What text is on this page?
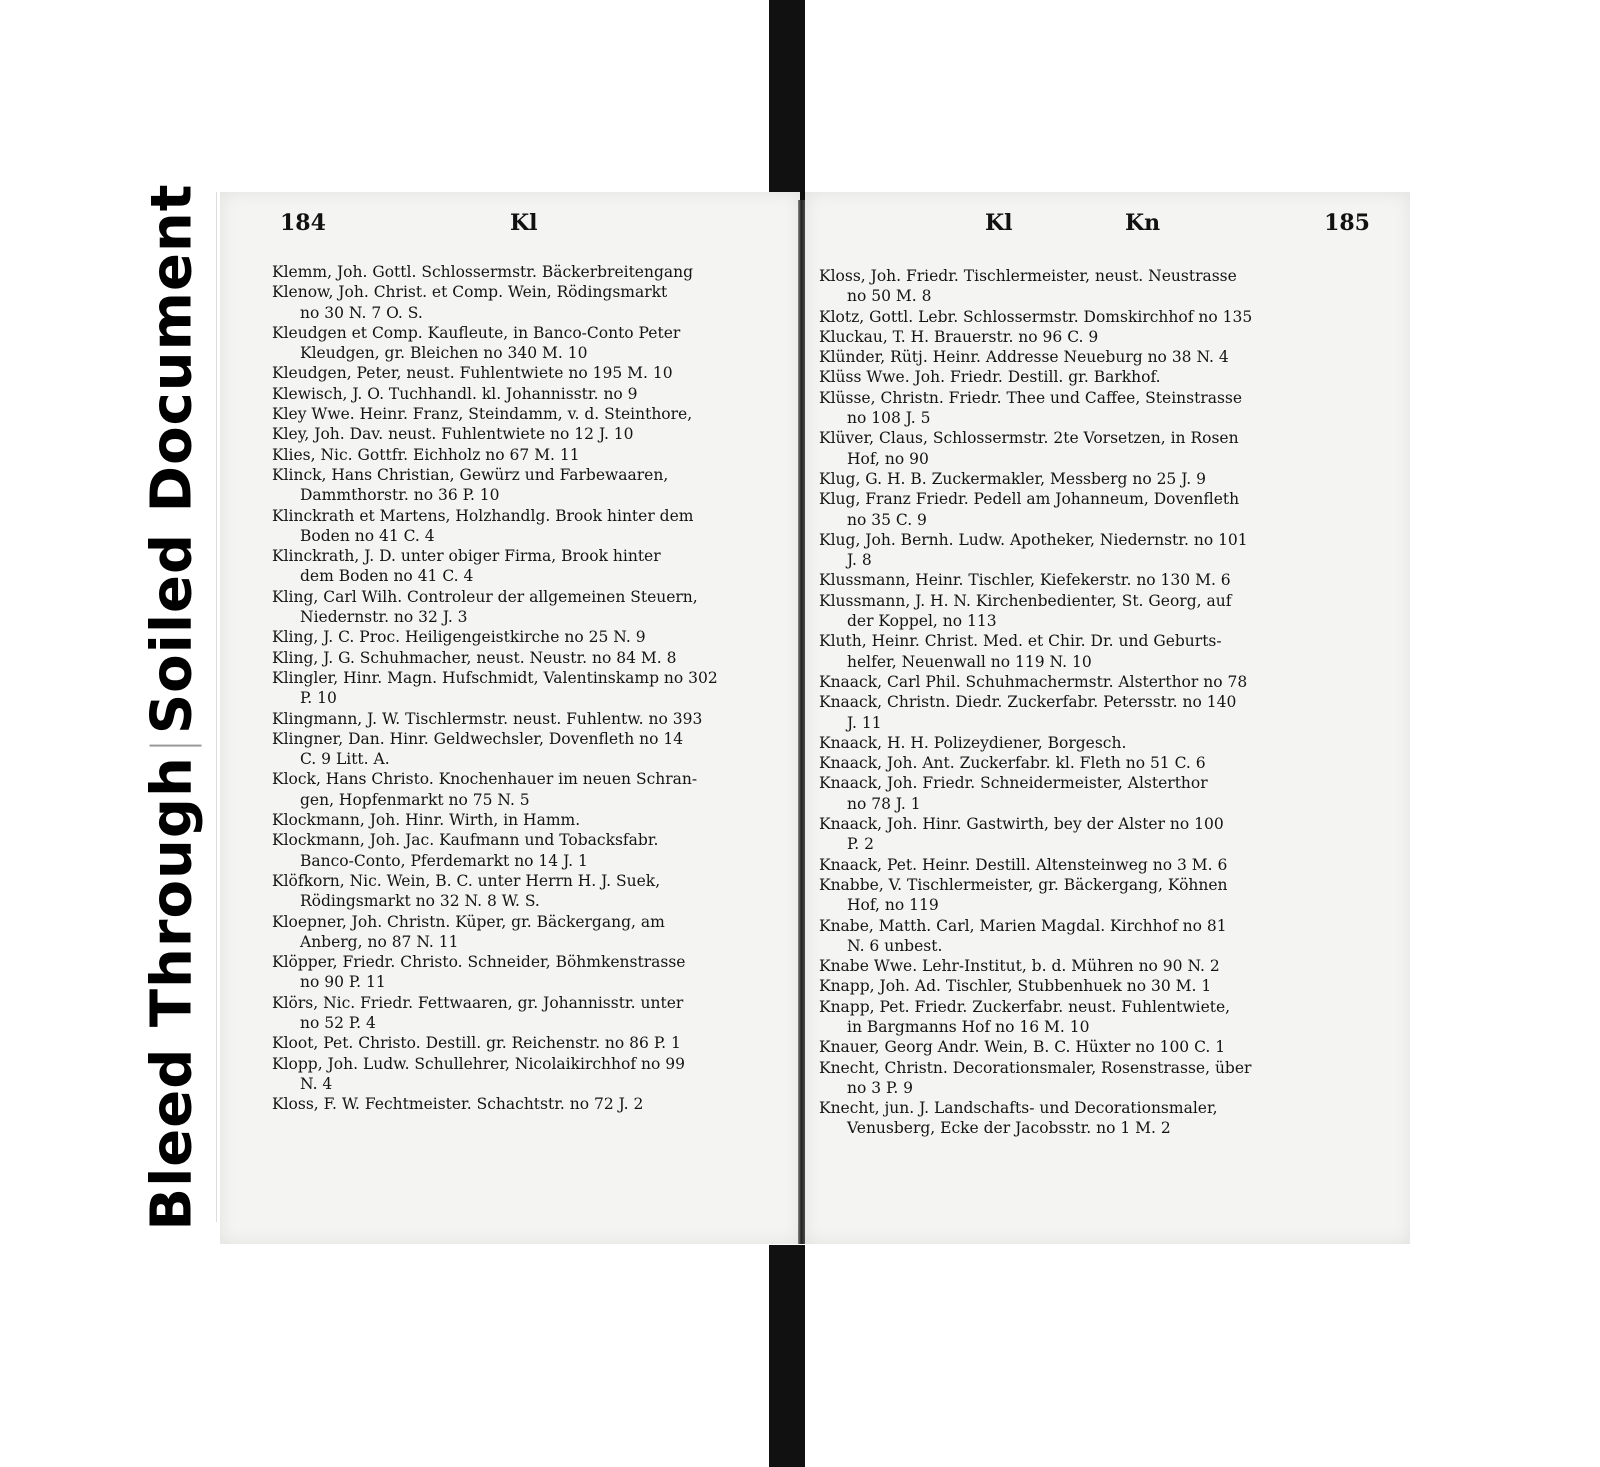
Bleed ThroughSoiled Document	184	Kl
Klemm, Joh. Gottl. Schlossermstr. Bäckerbreitengang
Klenow, Joh. Christ. et Comp. Wein, Rödingsmarkt
no 30 N. 7 O. S.
Kleudgen et Comp. Kaufleute, in Banco-Conto Peter
Kleudgen, gr. Bleichen no 340 M. 10
Kleudgen, Peter, neust. Fuhlentwiete no 195 M. 10
Klewisch, J. O. Tuchhandl. kl. Johannisstr. no 9
Kley Wwe. Heinr. Franz, Steindamm, v. d. Steinthore,
Kley, Joh. Dav. neust. Fuhlentwiete no 12 J. 10
Klies, Nic. Gottfr. Eichholz no 67 M. 11
Klinck, Hans Christian, Gewürz und Farbewaaren,
Dammthorstr. no 36 P. 10
Klinckrath et Martens, Holzhandlg. Brook hinter dem
Boden no 41 C. 4
Klinckrath, J. D. unter obiger Firma, Brook hinter
dem Boden no 41 C. 4
Kling, Carl Wilh. Controleur der allgemeinen Steuern,
Niedernstr. no 32 J. 3
Kling, J. C. Proc. Heiligengeistkirche no 25 N. 9
Kling, J. G. Schuhmacher, neust. Neustr. no 84 M. 8
Klingler, Hinr. Magn. Hufschmidt, Valentinskamp no 302
P. 10
Klingmann, J. W. Tischlermstr. neust. Fuhlentw. no 393
Klingner, Dan. Hinr. Geldwechsler, Dovenfleth no 14
C. 9 Litt. A.
Klock, Hans Christo. Knochenhauer im neuen Schran-
gen, Hopfenmarkt no 75 N. 5
Klockmann, Joh. Hinr. Wirth, in Hamm.
Klockmann, Joh. Jac. Kaufmann und Tobacksfabr.
Banco-Conto, Pferdemarkt no 14 J. 1
Klöfkorn, Nic. Wein, B. C. unter Herrn H. J. Suek,
Rödingsmarkt no 32 N. 8 W. S.
Kloepner, Joh. Christn. Küper, gr. Bäckergang, am
Anberg, no 87 N. 11
Klöpper, Friedr. Christo. Schneider, Böhmkenstrasse
no 90 P. 11
Klörs, Nic. Friedr. Fettwaaren, gr. Johannisstr. unter
no 52 P. 4
Kloot, Pet. Christo. Destill. gr. Reichenstr. no 86 P. 1
Klopp, Joh. Ludw. Schullehrer, Nicolaikirchhof no 99
N. 4
Kloss, F. W. Fechtmeister. Schachtstr. no 72 J. 2
Kl	Kn	185
Kloss, Joh. Friedr. Tischlermeister, neust. Neustrasse
no 50 M. 8
Klotz, Gottl. Lebr. Schlossermstr. Domskirchhof no 135
Kluckau, T. H. Brauerstr. no 96 C. 9
Klünder, Rütj. Heinr. Addresse Neueburg no 38 N. 4
Klüss Wwe. Joh. Friedr. Destill. gr. Barkhof.
Klüsse, Christn. Friedr. Thee und Caffee, Steinstrasse
no 108 J. 5
Klüver, Claus, Schlossermstr. 2te Vorsetzen, in Rosen
Hof, no 90
Klug, G. H. B. Zuckermakler, Messberg no 25 J. 9
Klug, Franz Friedr. Pedell am Johanneum, Dovenfleth
no 35 C. 9
Klug, Joh. Bernh. Ludw. Apotheker, Niedernstr. no 101
J. 8
Klussmann, Heinr. Tischler, Kiefekerstr. no 130 M. 6
Klussmann, J. H. N. Kirchenbedienter, St. Georg, auf
der Koppel, no 113
Kluth, Heinr. Christ. Med. et Chir. Dr. und Geburts-
helfer, Neuenwall no 119 N. 10
Knaack, Carl Phil. Schuhmachermstr. Alsterthor no 78
Knaack, Christn. Diedr. Zuckerfabr. Petersstr. no 140
J. 11
Knaack, H. H. Polizeydiener, Borgesch.
Knaack, Joh. Ant. Zuckerfabr. kl. Fleth no 51 C. 6
Knaack, Joh. Friedr. Schneidermeister, Alsterthor
no 78 J. 1
Knaack, Joh. Hinr. Gastwirth, bey der Alster no 100
P. 2
Knaack, Pet. Heinr. Destill. Altensteinweg no 3 M. 6
Knabbe, V. Tischlermeister, gr. Bäckergang, Köhnen
Hof, no 119
Knabe, Matth. Carl, Marien Magdal. Kirchhof no 81
N. 6 unbest.
Knabe Wwe. Lehr-Institut, b. d. Mühren no 90 N. 2
Knapp, Joh. Ad. Tischler, Stubbenhuek no 30 M. 1
Knapp, Pet. Friedr. Zuckerfabr. neust. Fuhlentwiete,
in Bargmanns Hof no 16 M. 10
Knauer, Georg Andr. Wein, B. C. Hüxter no 100 C. 1
Knecht, Christn. Decorationsmaler, Rosenstrasse, über
no 3 P. 9
Knecht, jun. J. Landschafts- und Decorationsmaler,
Venusberg, Ecke der Jacobsstr. no 1 M. 2
